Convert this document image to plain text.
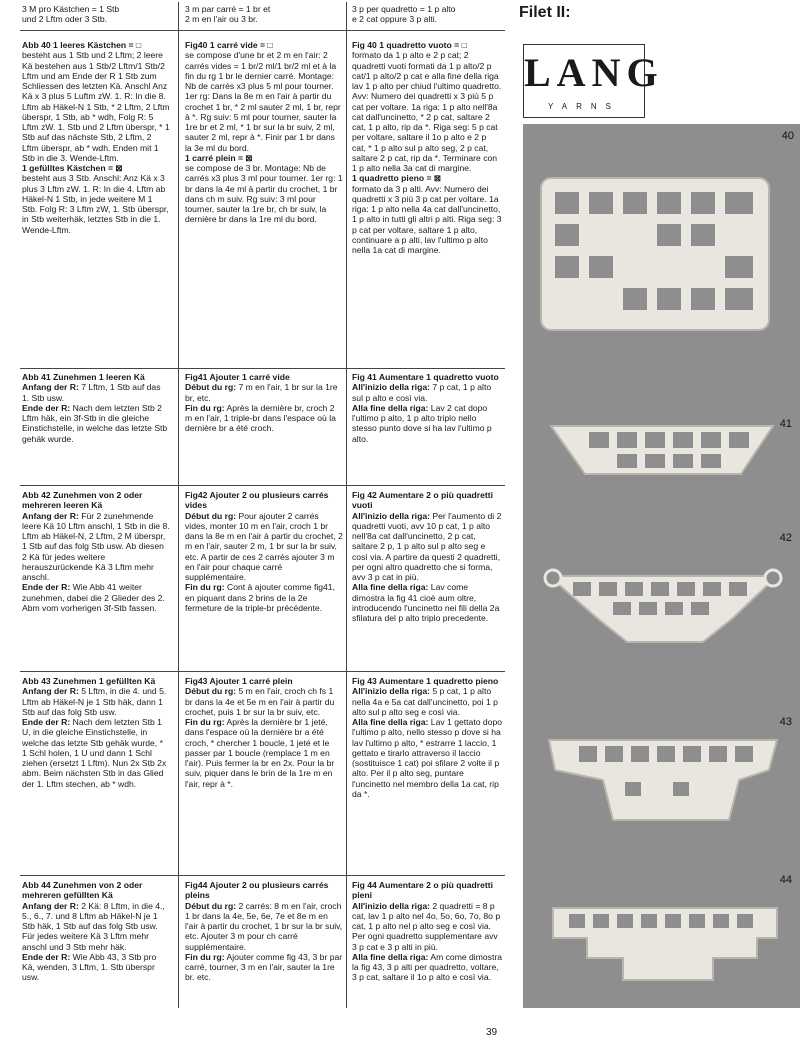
3 M pro Kästchen = 1 Stb

und 2 Lftm oder 3 Stb.

Abb 40 1 leeres Kästchen = □

besteht aus 1 Stb und 2 Lftm; 2 leere Kä bestehen aus 1 Stb/2 Lftm/1 Stb/2 Lftm und am Ende der R 1 Stb zum Schliessen des letzten Kä. Anschl Anz Kä x 3 plus 5 Luftm zW. 1. R: In die 8. Lftm ab Häkel-N 1 Stb, * 2 Lftm, 2 Lftm überspr, 1 Stb, ab * wdh, Folg R: 5 Lftm zW. 1. Stb und 2 Lftm überspr, * 1 Stb auf das nächste Stb, 2 Lftm, 2 Lftm überspr, ab * wdh. Enden mit 1 Stb in die 3. Wende-Lftm.

1 gefülltes Kästchen = ⊠

besteht aus 3 Stb. Anschl: Anz Kä x 3 plus 3 Lftm zW. 1. R: In die 4. Lftm ab Häkel-N 1 Stb, in jede weitere M 1 Stb. Folg R: 3 Lftm zW, 1. Stb überspr, in Stb weiterhäk, letztes Stb in die 1. Wende-Lftm.

Abb 41 Zunehmen 1 leeren Kä

Anfang der R: 7 Lftm, 1 Stb auf das 1. Stb usw.

Ende der R: Nach dem letzten Stb 2 Lftm häk, ein 3f-Stb in die gleiche Einstichstelle, in welche das letzte Stb gehäk wurde.

Abb 42 Zunehmen von 2 oder mehreren leeren Kä

Anfang der R: Für 2 zunehmende leere Kä 10 Lftm anschl, 1 Stb in die 8. Lftm ab Häkel-N, 2 Lftm, 2 M überspr, 1 Stb auf das folg Stb usw. Ab diesen 2 Kä für jedes weitere herauszurückende Kä 3 Lftm mehr anschl.

Ende der R: Wie Abb 41 weiter zunehmen, dabei die 2 Glieder des 2. Abm vom vorherigen 3f-Stb fassen.

Abb 43 Zunehmen 1 gefüllten Kä

Anfang der R: 5 Lftm, in die 4. und 5. Lftm ab Häkel-N je 1 Stb häk, dann 1 Stb auf das folg Stb usw.

Ende der R: Nach dem letzten Stb 1 U, in die gleiche Einstichstelle, in welche das letzte Stb gehäk wurde, * 1 Schl holen, 1 U und dann 1 Schl ziehen (ersetzt 1 Lftm). Nun 2x Stb 2x abm. Beim nächsten Stb in das Glied der 1. Lftm stechen, ab * wdh.

Abb 44 Zunehmen von 2 oder mehreren gefüllten Kä

Anfang der R: 2 Kä: 8 Lftm, in die 4., 5., 6., 7. und 8 Lftm ab Häkel-N je 1 Stb häk, 1 Stb auf das folg Stb usw. Für jedes weitere Kä 3 Lftm mehr anschl und 3 Stb mehr häk.

Ende der R: Wie Abb 43, 3 Stb pro Kä, wenden, 3 Lftm, 1. Stb überspr usw.

3 m par carré = 1 br et

2 m en l'air ou 3 br.

Fig40 1 carré vide = □

se compose d'une br et 2 m en l'air: 2 carrés vides = 1 br/2 ml/1 br/2 ml et à la fin du rg 1 br le dernier carré. Montage: Nb de carrés x3 plus 5 ml pour tourner. 1er rg: Dans la 8e m en l'air à partir du crochet 1 br, * 2 ml sauter 2 ml, 1 br, repr à *. Rg suiv: 5 ml pour tourner, sauter la 1re br et 2 ml, * 1 br sur la br suiv, 2 ml, sauter 2 ml, repr à *. Finir par 1 br dans la 3e ml du bord.

1 carré plein = ⊠

se compose de 3 br. Montage: Nb de carrés x3 plus 3 ml pour tourner. 1er rg: 1 br dans la 4e ml à partir du crochet, 1 br dans ch m suiv. Rg suiv: 3 ml pour tourner, sauter la 1re br, ch br suiv, la dernière br dans la 1re ml du bord.

Fig41 Ajouter 1 carré vide

Début du rg: 7 m en l'air, 1 br sur la 1re br, etc.

Fin du rg: Après la dernière br, croch 2 m en l'air, 1 triple-br dans l'espace où la dernière br a été croch.

Fig42 Ajouter 2 ou plusieurs carrés vides

Début du rg: Pour ajouter 2 carrés vides, monter 10 m en l'air, croch 1 br dans la 8e m en l'air à partir du crochet, 2 m en l'air, sauter 2 m, 1 br sur la br suiv, etc. A partir de ces 2 carrés ajouter 3 m en l'air pour chaque carré supplémentaire.

Fin du rg: Cont à ajouter comme fig41, en piquant dans 2 brins de la 2e fermeture de la triple-br précédente.

Fig43 Ajouter 1 carré plein

Début du rg: 5 m en l'air, croch ch fs 1 br dans la 4e et 5e m en l'air à partir du crochet, puis 1 br sur la br suiv, etc.

Fin du rg: Après la dernière br 1 jeté, dans l'espace où la dernière br a été croch, * chercher 1 boucle, 1 jeté et le passer par 1 boucle (remplace 1 m en l'air). Puis fermer la br en 2x. Pour la br suiv, piquer dans le brin de la 1re m en l'air, repr à *.

Fig44 Ajouter 2 ou plusieurs carrés pleins

Début du rg: 2 carrés: 8 m en l'air, croch 1 br dans la 4e, 5e, 6e, 7e et 8e m en l'air à partir du crochet, 1 br sur la br suiv, etc. Ajouter 3 m pour ch carré supplémentaire.

Fin du rg: Ajouter comme fig 43, 3 br par carré, tourner, 3 m en l'air, sauter la 1re br. etc.

3 p per quadretto = 1 p alto

e 2 cat oppure 3 p alti.

Fig 40 1 quadretto vuoto = □

formato da 1 p alto e 2 p cat; 2 quadretti vuoti formati da 1 p alto/2 p cat/1 p alto/2 p cat e alla fine della riga lav 1 p alto per chiud l'ultimo quadretto. Avv: Numero dei quadretti x 3 più 5 p cat per voltare. 1a riga: 1 p alto nell'8a cat dall'uncinetto, * 2 p cat, saltare 2 cat, 1 p alto, rip da *. Riga seg: 5 p cat per voltare, saltare il 1o p alto e 2 p cat, * 1 p alto sul p alto seg, 2 p cat, saltare 2 p cat, rip da *. Terminare con 1 p alto nella 3a cat di margine.

1 quadretto pieno = ⊠

formato da 3 p alti. Avv: Numero dei quadretti x 3 più 3 p cat per voltare. 1a riga: 1 p alto nella 4a cat dall'uncinetto, 1 p alto in tutti gli altri p alti. Riga seg: 3 p cat per voltare, saltare 1 p alto, continuare a p alti, lav l'ultimo p alto nella 1a cat di margine.

Fig 41 Aumentare 1 quadretto vuoto

All'inizio della riga: 7 p cat, 1 p alto sul p alto e così via.

Alla fine della riga: Lav 2 cat dopo l'ultimo p alto, 1 p alto triplo nello stesso punto dove si ha lav l'ultimo p alto.

Fig 42 Aumentare 2 o più quadretti vuoti

All'inizio della riga: Per l'aumento di 2 quadretti vuoti, avv 10 p cat, 1 p alto nell'8a cat dall'uncinetto, 2 p cat, saltare 2 p, 1 p alto sul p alto seg e così via. A partire da questi 2 quadretti, per ogni altro quadretto che si forma, avv 3 p cat in più.

Alla fine della riga: Lav come dimostra la fig 41 cioè aum oltre, introducendo l'uncinetto nei fili della 2a sfilatura del p alto triplo precedente.

Fig 43 Aumentare 1 quadretto pieno

All'inizio della riga: 5 p cat, 1 p alto nella 4a e 5a cat dall'uncinetto, poi 1 p alto sul p alto seg e così via.

Alla fine della riga: Lav 1 gettato dopo l'ultimo p alto, nello stesso p dove si ha lav l'ultimo p alto, * estrarre 1 laccio, 1 gettato e tirarlo attraverso il laccio (sostituisce 1 cat) poi sfilare 2 volte il p alto. Per il p alto seg, puntare l'uncinetto nel membro della 1a cat, rip da *.

Fig 44 Aumentare 2 o più quadretti pieni

All'inizio della riga: 2 quadretti = 8 p cat, lav 1 p alto nel 4o, 5o, 6o, 7o, 8o p cat, 1 p alto nel p alto seg e così via. Per ogni quadretto supplementare avv 3 p cat e 3 p alti in più.

Alla fine della riga: Am come dimostra la fig 43, 3 p alti per quadretto, voltare, 3 p cat, saltare il 1o p alto e così via.

Filet II:
LANG
YARNS
40
41
42
43
44
39
